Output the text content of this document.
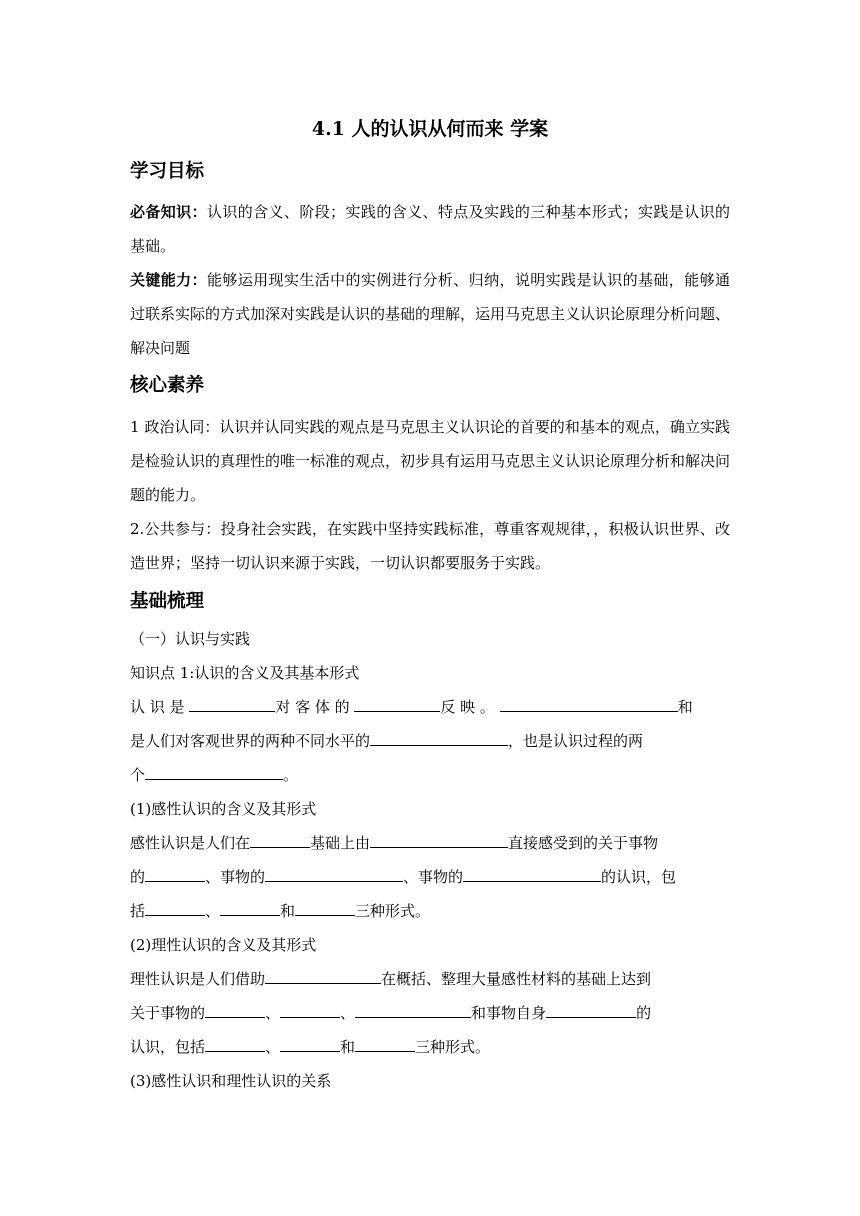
4.1 人的认识从何而来 学案
学习目标
必备知识：认识的含义、阶段；实践的含义、特点及实践的三种基本形式；实践是认识的基础。
关键能力：能够运用现实生活中的实例进行分析、归纳，说明实践是认识的基础，能够通过联系实际的方式加深对实践是认识的基础的理解，运用马克思主义认识论原理分析问题、解决问题
核心素养
1 政治认同：认识并认同实践的观点是马克思主义认识论的首要的和基本的观点，确立实践是检验认识的真理性的唯一标准的观点，初步具有运用马克思主义认识论原理分析和解决问题的能力。
2.公共参与：投身社会实践，在实践中坚持实践标准，尊重客观规律，，积极认识世界、改造世界；坚持一切认识来源于实践，一切认识都要服务于实践。
基础梳理
（一）认识与实践
知识点 1:认识的含义及其基本形式
认 识 是	对 客 体 的	反 映 。	和
是人们对客观世界的两种不同水平的	，也是认识过程的两
个	。
(1)感性认识的含义及其形式
感性认识是人们在	基础上由	直接感受到的关于事物
的	、事物的	、事物的	的认识，包
括	、	和	三种形式。
(2)理性认识的含义及其形式
理性认识是人们借助	在概括、整理大量感性材料的基础上达到
关于事物的	、	、	和事物自身	的
认识，包括	、	和	三种形式。
(3)感性认识和理性认识的关系
